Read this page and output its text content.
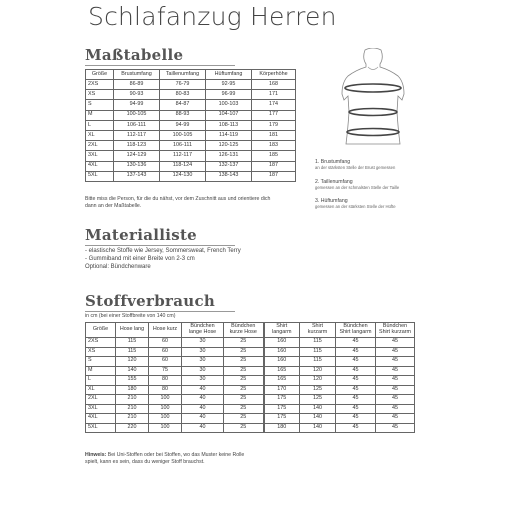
Schlafanzug Herren
Maßtabelle
Größe	Brustumfang	Taillenumfang	Hüftumfang	Körperhöhe
2XS	86-89	76-79	92-95	168
XS	90-93	80-83	96-99	171
S	94-99	84-87	100-103	174
M	100-105	88-93	104-107	177
L	106-111	94-99	108-113	179
XL	112-117	100-105	114-119	181
2XL	118-123	106-111	120-125	183
3XL	124-129	112-117	126-131	185
4XL	130-136	118-124	132-137	187
5XL	137-143	124-130	138-143	187
Bitte miss die Person, für die du nähst, vor dem Zuschnitt aus und orientiere dich
dann an der Maßtabelle.
1. Brustumfang
an der stärksten Stelle der Brust gemessen
2. Taillenumfang
gemessen an der schmalsten Stelle der Taille
3. Hüftumfang
gemessen an der stärksten Stelle der Hüfte
Materialliste
- elastische Stoffe wie Jersey, Sommersweat, French Terry
- Gummiband mit einer Breite von 2-3 cm
Optional: Bündchenware
Stoffverbrauch
in cm (bei einer Stoffbreite von 140 cm)
Größe	Hose lang	Hose kurz	Bündchen lange Hose	Bündchen kurze Hose	Shirt langarm	Shirt kurzarm	Bündchen Shirt langarm	Bündchen Shirt kurzarm
2XS	115	60	30	25	160	115	45	45
XS	115	60	30	25	160	115	45	45
S	120	60	30	25	160	115	45	45
M	140	75	30	25	165	120	45	45
L	155	80	30	25	165	120	45	45
XL	180	80	40	25	170	125	45	45
2XL	210	100	40	25	175	125	45	45
3XL	210	100	40	25	175	140	45	45
4XL	210	100	40	25	175	140	45	45
5XL	220	100	40	25	180	140	45	45
Hinweis: Bei Uni-Stoffen oder bei Stoffen, wo das Muster keine Rolle
spielt, kann es sein, dass du weniger Stoff brauchst.
